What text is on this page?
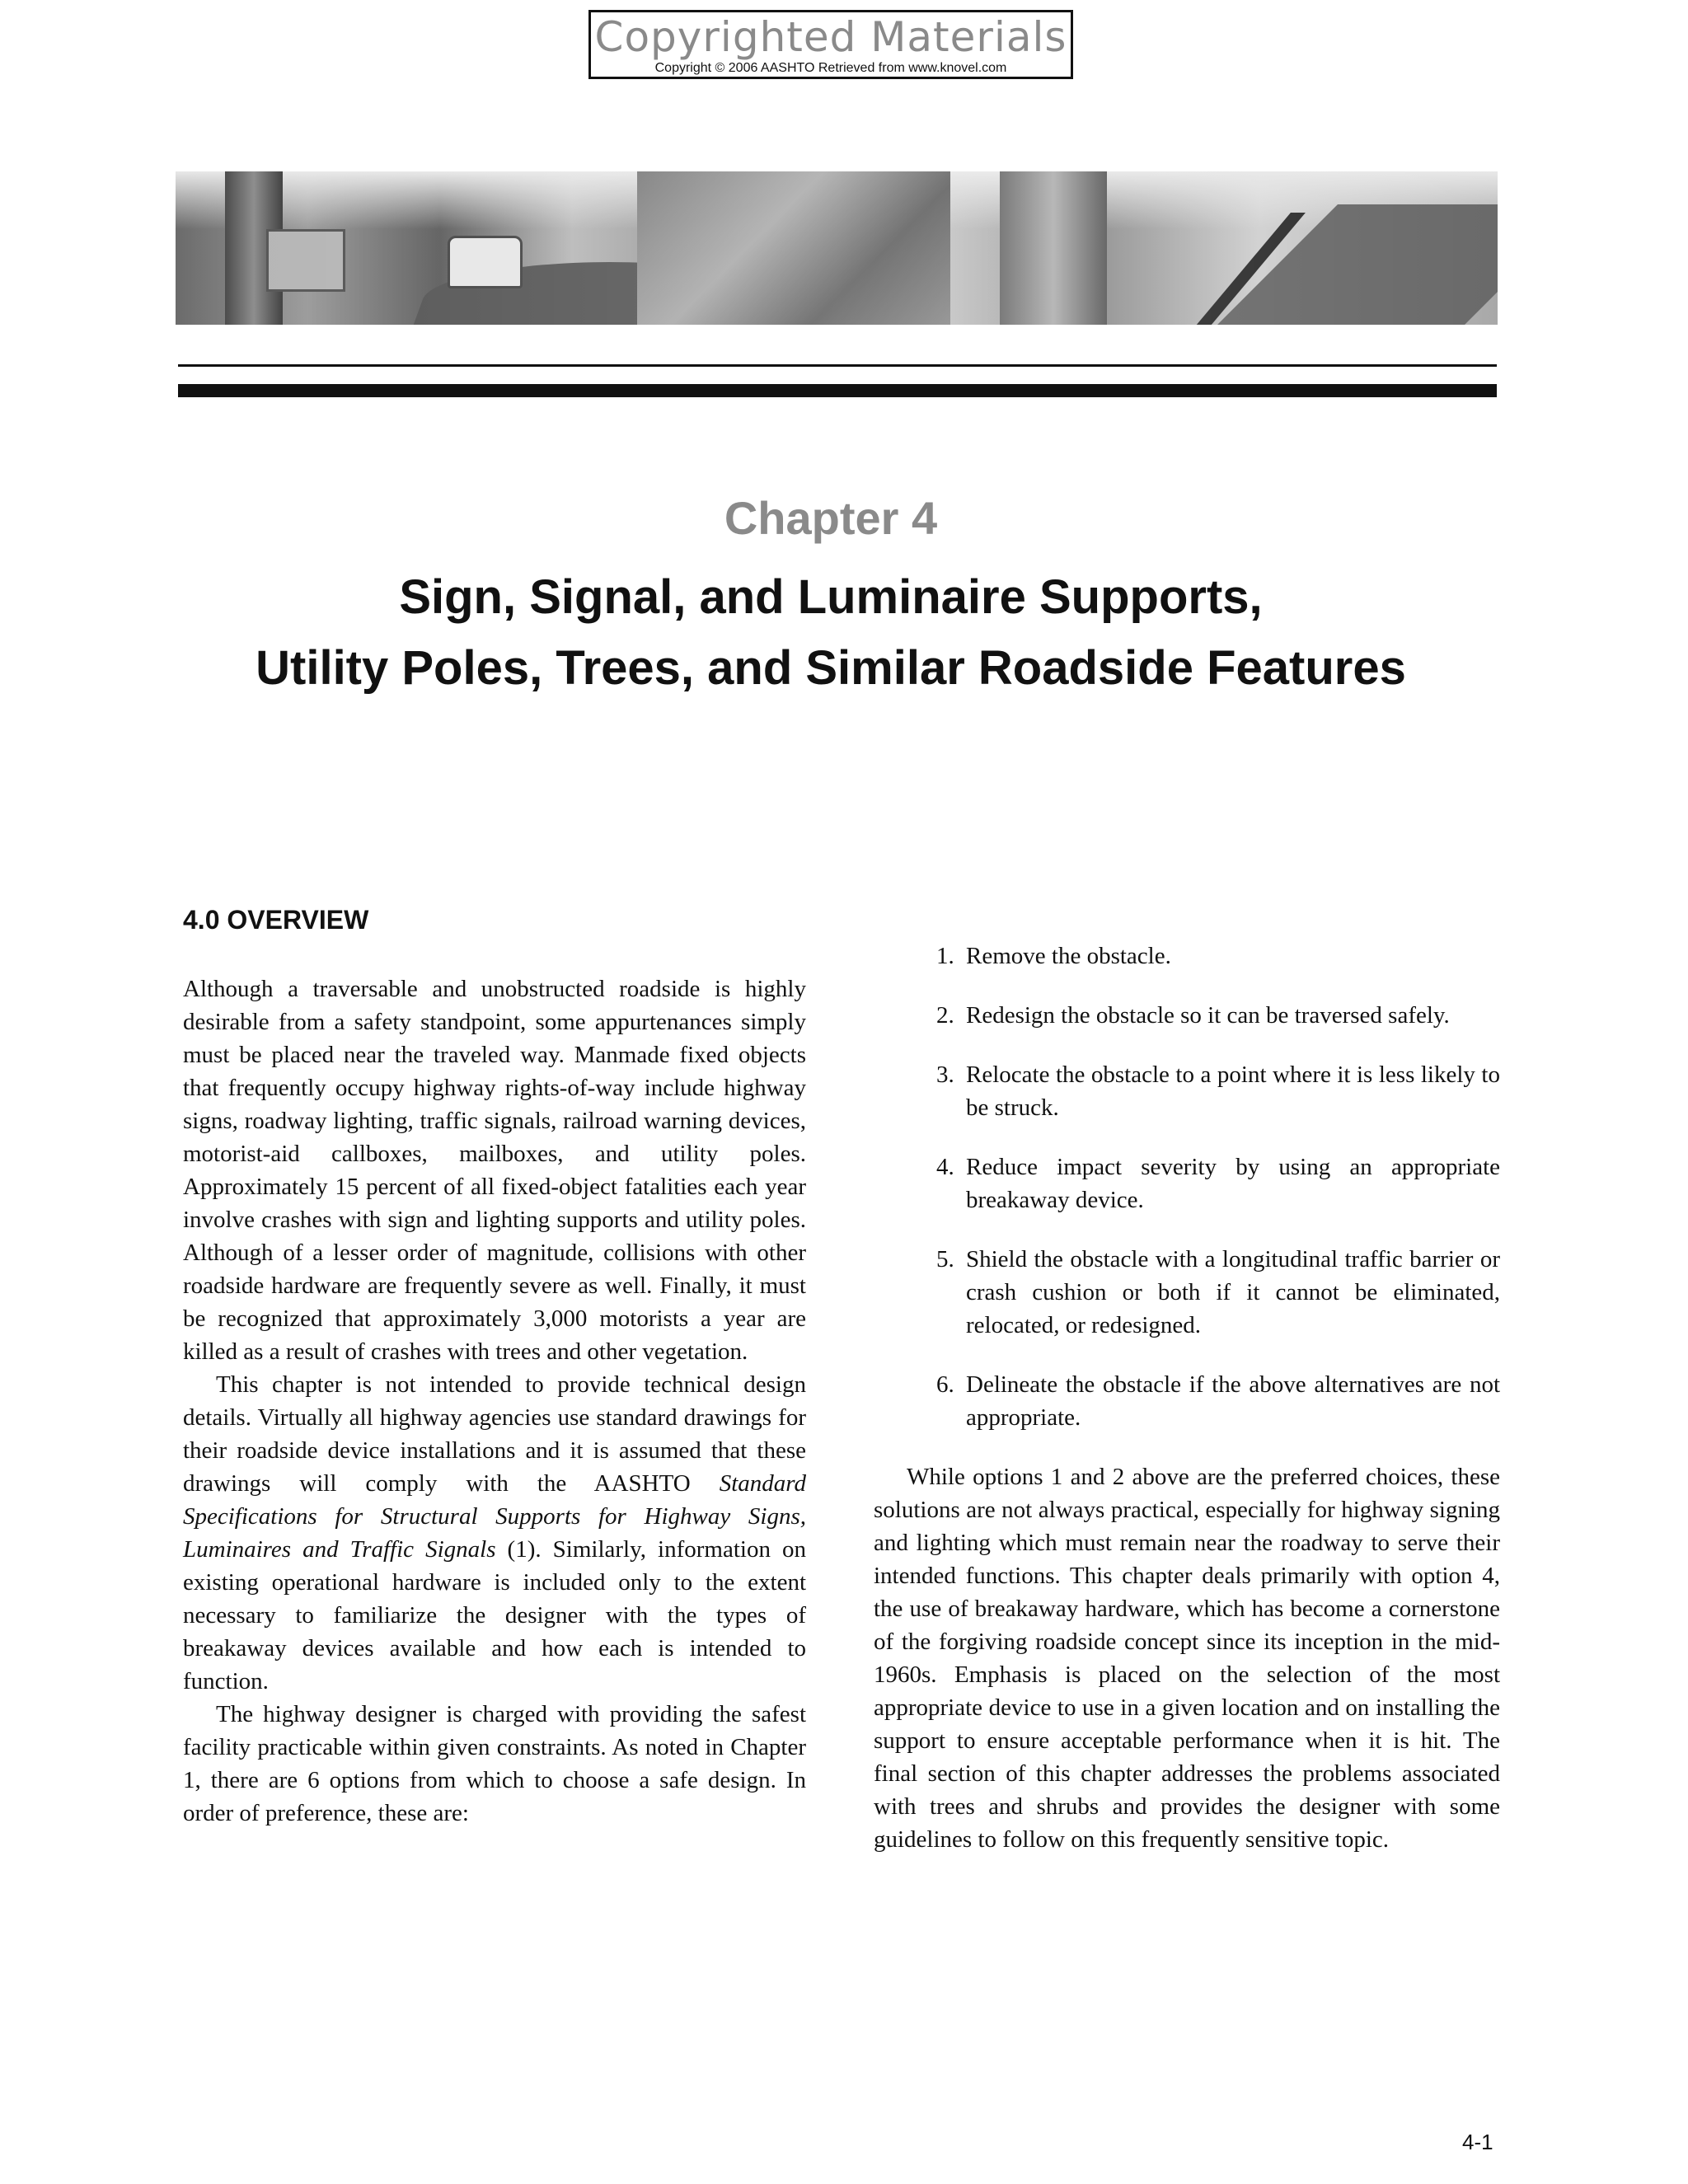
Copyrighted Materials
Copyright © 2006 AASHTO Retrieved from www.knovel.com
Chapter 4
Sign, Signal, and Luminaire Supports,
Utility Poles, Trees, and Similar Roadside Features
4.0 OVERVIEW

Although a traversable and unobstructed roadside is highly desirable from a safety standpoint, some appurtenances simply must be placed near the traveled way. Manmade fixed objects that frequently occupy highway rights-of-way include highway signs, roadway lighting, traffic signals, railroad warning devices, motorist-aid callboxes, mailboxes, and utility poles. Approximately 15 percent of all fixed-object fatalities each year involve crashes with sign and lighting supports and utility poles. Although of a lesser order of magnitude, collisions with other roadside hardware are frequently severe as well. Finally, it must be recognized that approximately 3,000 motorists a year are killed as a result of crashes with trees and other vegetation.

This chapter is not intended to provide technical design details. Virtually all highway agencies use standard drawings for their roadside device installations and it is assumed that these drawings will comply with the AASHTO Standard Specifications for Structural Supports for Highway Signs, Luminaires and Traffic Signals (1). Similarly, information on existing operational hardware is included only to the extent necessary to familiarize the designer with the types of breakaway devices available and how each is intended to function.

The highway designer is charged with providing the safest facility practicable within given constraints. As noted in Chapter 1, there are 6 options from which to choose a safe design. In order of preference, these are:

1. Remove the obstacle.
2. Redesign the obstacle so it can be traversed safely.
3. Relocate the obstacle to a point where it is less likely to be struck.
4. Reduce impact severity by using an appropriate breakaway device.
5. Shield the obstacle with a longitudinal traffic barrier or crash cushion or both if it cannot be eliminated, relocated, or redesigned.
6. Delineate the obstacle if the above alternatives are not appropriate.

While options 1 and 2 above are the preferred choices, these solutions are not always practical, especially for highway signing and lighting which must remain near the roadway to serve their intended functions. This chapter deals primarily with option 4, the use of breakaway hardware, which has become a cornerstone of the forgiving roadside concept since its inception in the mid-1960s. Emphasis is placed on the selection of the most appropriate device to use in a given location and on installing the support to ensure acceptable performance when it is hit. The final section of this chapter addresses the problems associated with trees and shrubs and provides the designer with some guidelines to follow on this frequently sensitive topic.

4-1
